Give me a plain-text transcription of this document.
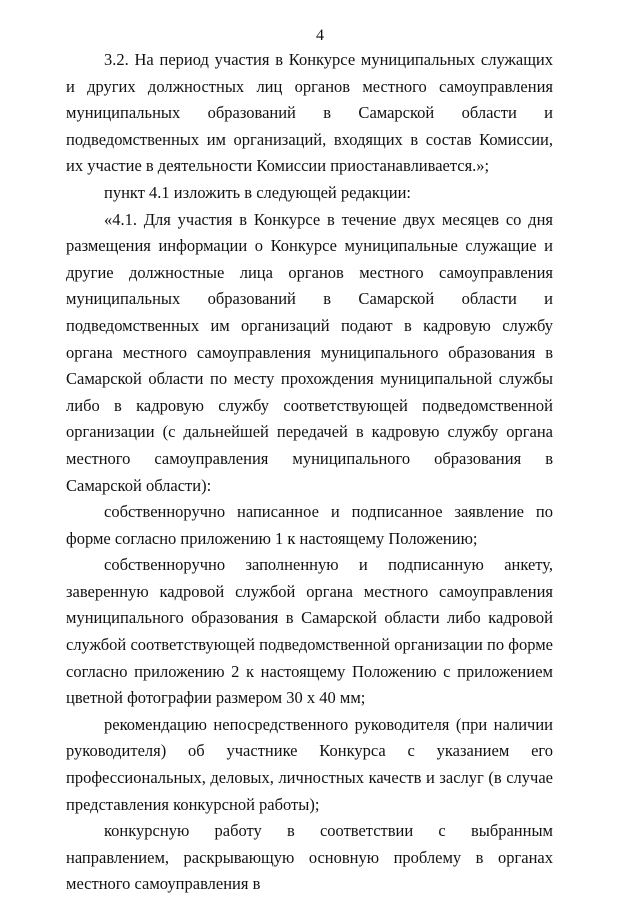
4

3.2. На период участия в Конкурсе муниципальных служащих и других должностных лиц органов местного самоуправления муниципальных образований в Самарской области и подведомственных им организаций, входящих в состав Комиссии, их участие в деятельности Комиссии приостанавливается.»;

пункт 4.1 изложить в следующей редакции:

«4.1. Для участия в Конкурсе в течение двух месяцев со дня размещения информации о Конкурсе муниципальные служащие и другие должностные лица органов местного самоуправления муниципальных образований в Самарской области и подведомственных им организаций подают в кадровую службу органа местного самоуправления муниципального образования в Самарской области по месту прохождения муниципальной службы либо в кадровую службу соответствующей подведомственной организации (с дальнейшей передачей в кадровую службу органа местного самоуправления муниципального образования в Самарской области):

собственноручно написанное и подписанное заявление по форме согласно приложению 1 к настоящему Положению;

собственноручно заполненную и подписанную анкету, заверенную кадровой службой органа местного самоуправления муниципального образования в Самарской области либо кадровой службой соответствующей подведомственной организации по форме согласно приложению 2 к настоящему Положению с приложением цветной фотографии размером 30 x 40 мм;

рекомендацию непосредственного руководителя (при наличии руководителя) об участнике Конкурса с указанием его профессиональных, деловых, личностных качеств и заслуг (в случае представления конкурсной работы);

конкурсную работу в соответствии с выбранным направлением, раскрывающую основную проблему в органах местного самоуправления в
